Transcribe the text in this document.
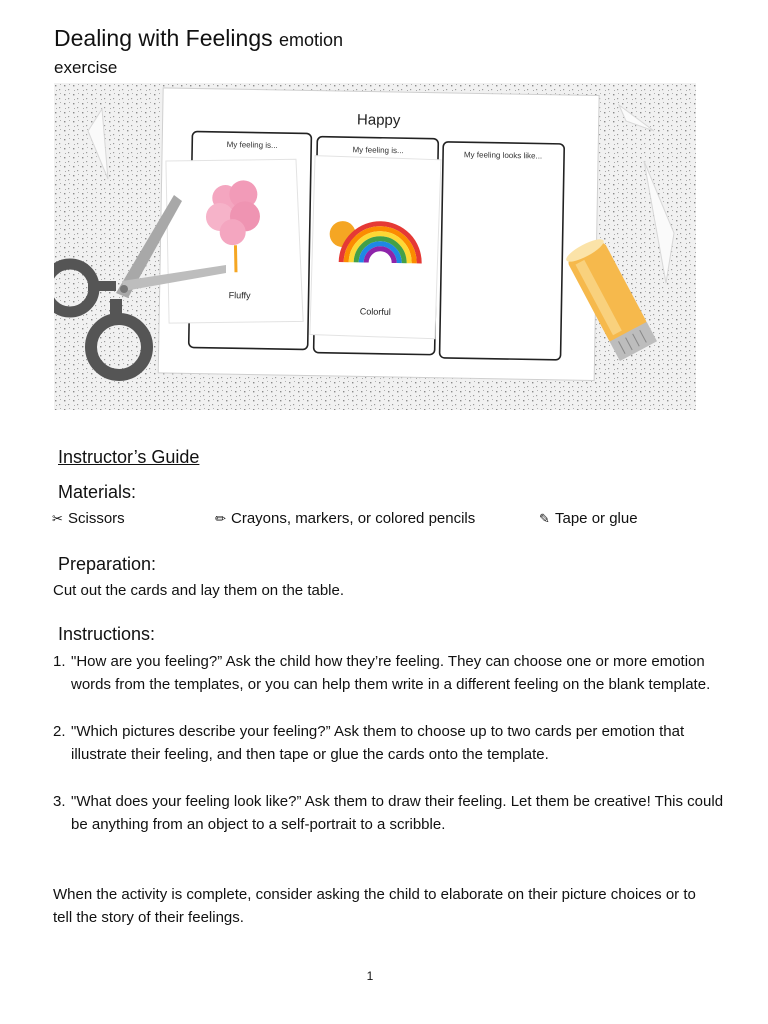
Dealing with Feelings emotion
exercise
Happy
My feeling is...
My feeling is...	My feeling looks like...
Fluffy
Colorful
Instructor’s Guide
Materials:
✂ Scissors	✏ Crayons, markers, or colored pencils	✎ Tape or glue
Preparation:
Cut out the cards and lay them on the table.
Instructions:
1. "How are you feeling?” Ask the child how they’re feeling. They can choose one or more emotion words from the templates, or you can help them write in a different feeling on the blank template.
2. "Which pictures describe your feeling?” Ask them to choose up to two cards per emotion that illustrate their feeling, and then tape or glue the cards onto the template.
3. "What does your feeling look like?” Ask them to draw their feeling. Let them be creative! This could be anything from an object to a self-portrait to a scribble.
When the activity is complete, consider asking the child to elaborate on their picture choices or to tell the story of their feelings.
1
